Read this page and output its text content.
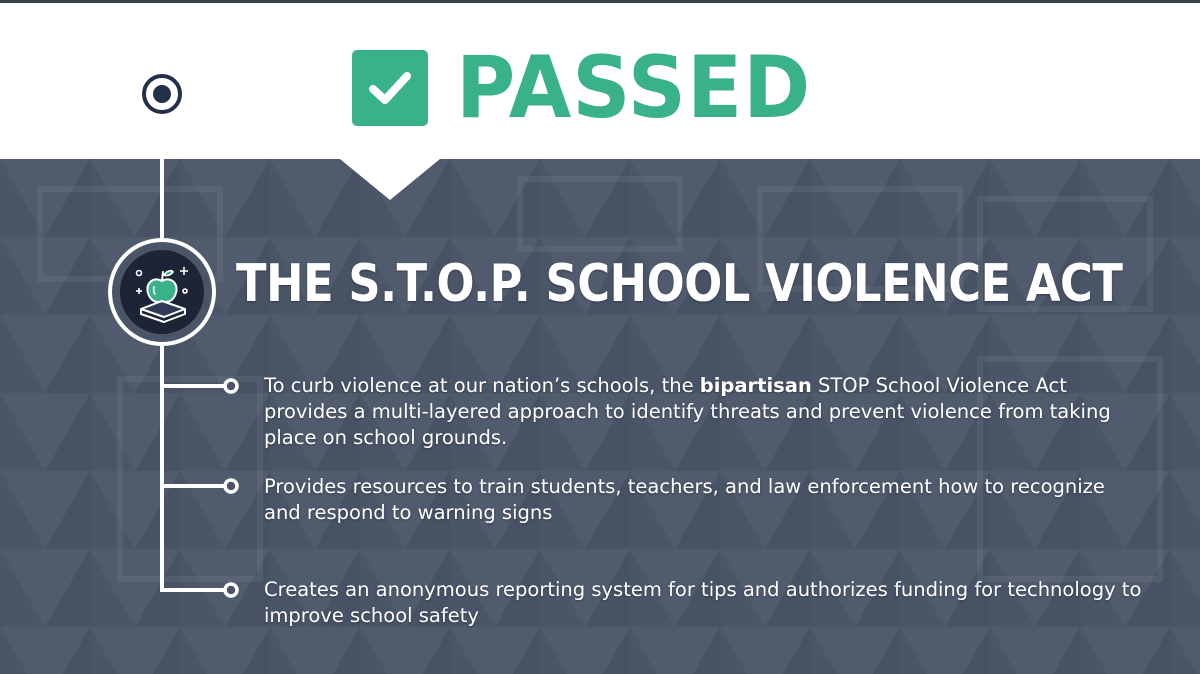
PASSED
THE S.T.O.P. SCHOOL VIOLENCE ACT
To curb violence at our nation’s schools, the bipartisan STOP School Violence Act provides a multi-layered approach to identify threats and prevent violence from taking place on school grounds.
Provides resources to train students, teachers, and law enforcement how to recognize and respond to warning signs
Creates an anonymous reporting system for tips and authorizes funding for technology to improve school safety
